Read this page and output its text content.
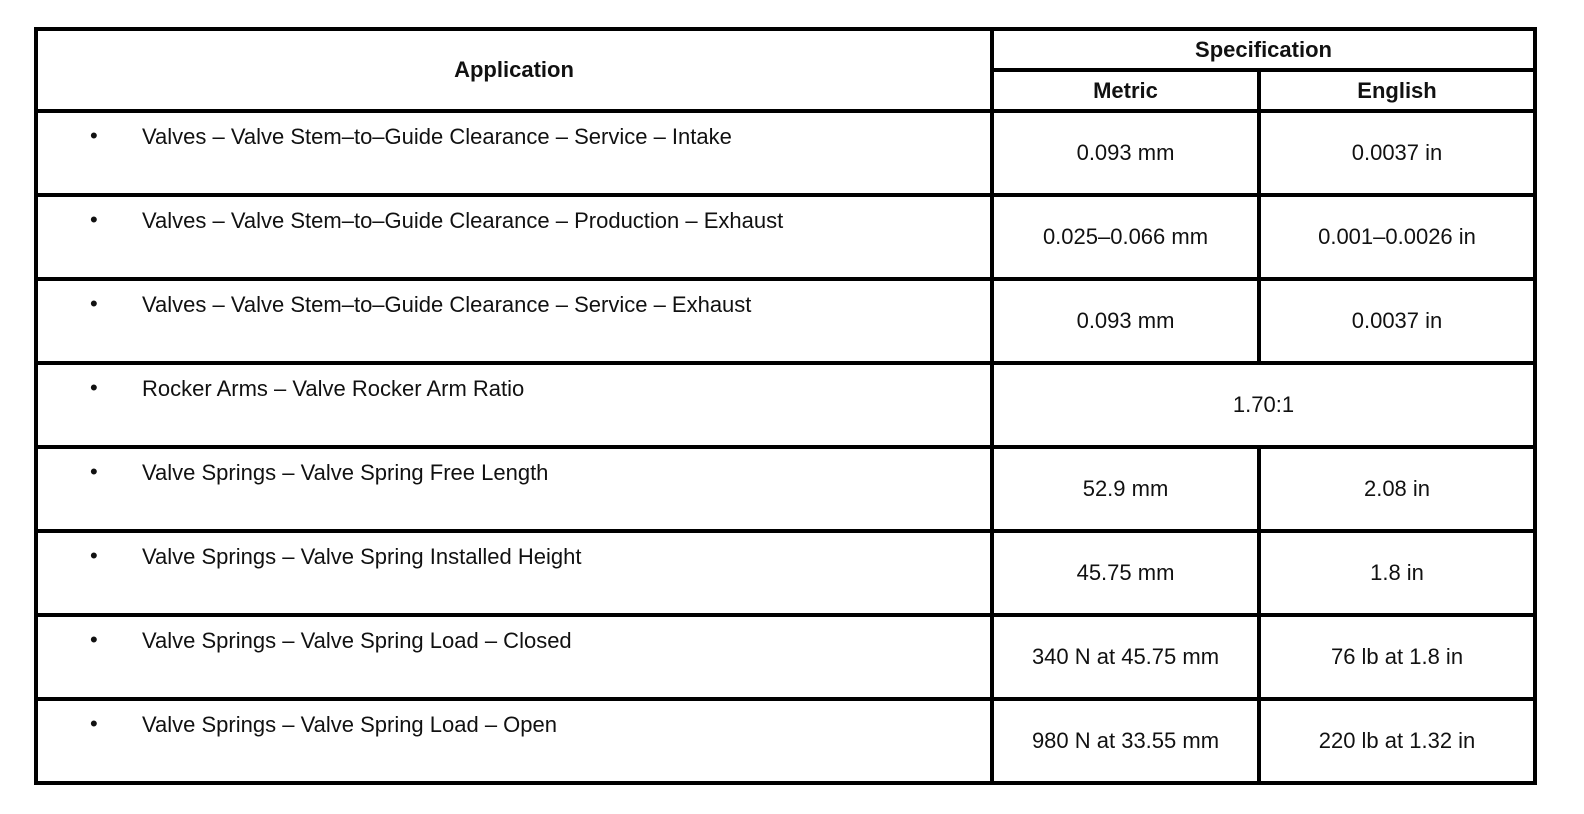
Application	Specification	
	Metric	English

• Valves – Valve Stem–to–Guide Clearance – Service – Intake	0.093 mm	0.0037 in

• Valves – Valve Stem–to–Guide Clearance – Production – Exhaust	0.025–0.066 mm	0.001–0.0026 in

• Valves – Valve Stem–to–Guide Clearance – Service – Exhaust	0.093 mm	0.0037 in

• Rocker Arms – Valve Rocker Arm Ratio	1.70:1	

• Valve Springs – Valve Spring Free Length	52.9 mm	2.08 in

• Valve Springs – Valve Spring Installed Height	45.75 mm	1.8 in

• Valve Springs – Valve Spring Load – Closed	340 N at 45.75 mm	76 lb at 1.8 in

• Valve Springs – Valve Spring Load – Open	980 N at 33.55 mm	220 lb at 1.32 in
